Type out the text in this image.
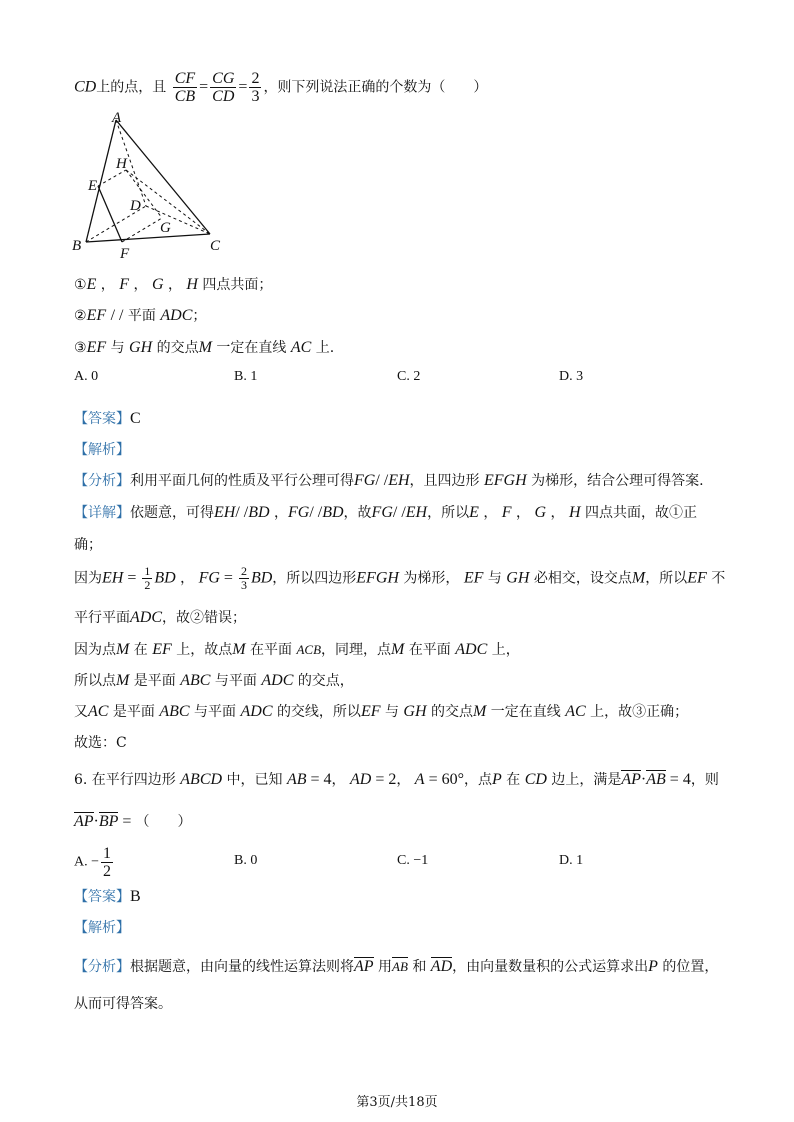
CD上的点，且 $\frac{CF}{CB} = \frac{CG}{CD} = \frac{2}{3}$ ，则下列说法正确的个数为（　　）
A
B	C
D
E
F
G
H
①E ， F ， G ， H 四点共面；
②EF / / 平面 ADC；
③EF 与 GH 的交点M 一定在直线 AC 上.
A. 0	B. 1	C. 2	D. 3
【答案】C
【解析】
【分析】利用平面几何的性质及平行公理可得FG/ /EH，且四边形 EFGH 为梯形，结合公理可得答案.
【详解】依题意，可得EH/ /BD ，FG/ /BD，故FG/ /EH，所以E ， F ， G ， H 四点共面，故①正
确；
因为EH = $\frac{1}{2}$ BD ， FG = $\frac{2}{3}$ BD，所以四边形EFGH 为梯形， EF 与 GH 必相交，设交点M，所以EF 不
平行平面ADC，故②错误；
因为点M 在 EF 上，故点M 在平面 ACB，同理，点M 在平面 ADC 上，
所以点M 是平面 ABC 与平面 ADC 的交点，
又AC 是平面 ABC 与平面 ADC 的交线，所以EF 与 GH 的交点M 一定在直线 AC 上，故③正确；
故选：C
6. 在平行四边形 ABCD 中，已知 AB = 4， AD = 2， A = 60°，点P 在 CD 边上，满是AP·AB = 4，则
AP·BP = （　　）
A. − $\frac{1}{2}$	B. 0	C. −1	D. 1
【答案】B
【解析】
【分析】根据题意，由向量的线性运算法则将AP 用AB 和 AD，由向量数量积的公式运算求出P 的位置，
从而可得答案。
第3页/共18页
